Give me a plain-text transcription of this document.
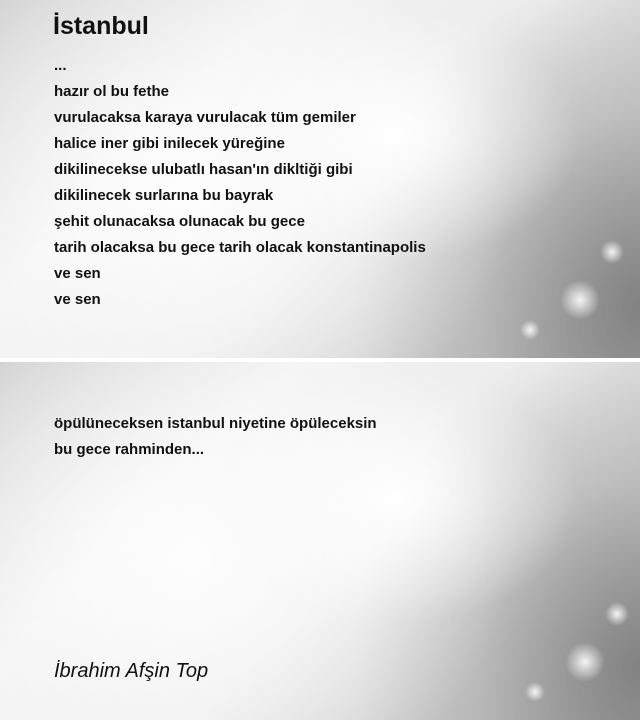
İstanbul
...
hazır ol bu fethe
vurulacaksa karaya vurulacak tüm gemiler
halice iner gibi inilecek yüreğine
dikilinecekse ulubatlı hasan'ın dikltiği gibi
dikilinecek surlarına bu bayrak
şehit olunacaksa olunacak bu gece
tarih olacaksa bu gece tarih olacak konstantinapolis
ve sen
ve sen
öpülüneceksen istanbul niyetine öpüleceksin
bu gece rahminden...
İbrahim Afşin Top
